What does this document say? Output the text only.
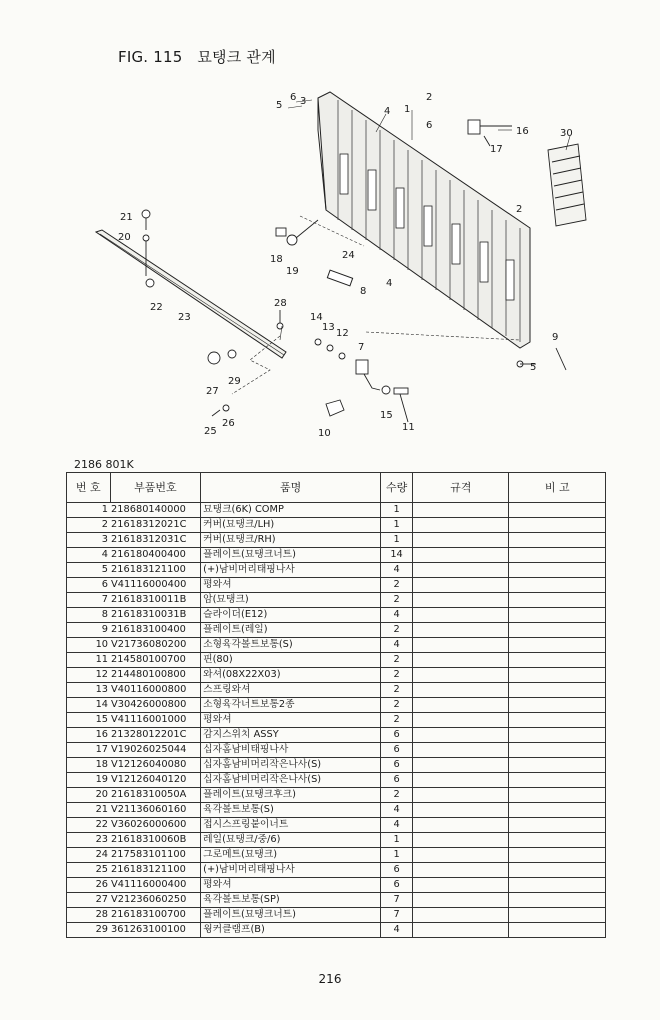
FIG. 115 묘탱크 관계
1
2
3
4
5
6
7
8
9
10
11
12
13
14
15
16
17
18
19
20
21
22
23
24
25
26
27
28
29
30
2
4
5
6
2186 801K
번 호	부품번호	품명	수량	규격	비 고
1	218680140000	묘탱크(6K) COMP	1		
2	21618312021C	커버(묘탱크/LH)	1		
3	21618312031C	커버(묘탱크/RH)	1		
4	216180400400	플레이트(묘탱크너트)	14		
5	216183121100	(+)남비머리태핑나사	4		
6	V41116000400	평와셔	2		
7	21618310011B	암(묘탱크)	2		
8	21618310031B	슬라이더(E12)	4		
9	216183100400	플레이트(레일)	2		
10	V21736080200	소형육각볼트보통(S)	4		
11	214580100700	핀(80)	2		
12	214480100800	와셔(08X22X03)	2		
13	V40116000800	스프링와셔	2		
14	V30426000800	소형육각너트보통2종	2		
15	V41116001000	평와셔	2		
16	21328012201C	감지스위치 ASSY	6		
17	V19026025044	십자홈남비태핑나사	6		
18	V12126040080	십자홈남비머리작은나사(S)	6		
19	V12126040120	십자홈남비머리작은나사(S)	6		
20	21618310050A	플레이트(묘탱크후크)	2		
21	V21136060160	육각볼트보통(S)	4		
22	V36026000600	접시스프링붙이너트	4		
23	21618310060B	레일(묘탱크/중/6)	1		
24	217583101100	그로메트(묘탱크)	1		
25	216183121100	(+)남비머리태핑나사	6		
26	V41116000400	평와셔	6		
27	V21236060250	육각볼트보통(SP)	7		
28	216183100700	플레이트(묘탱크너트)	7		
29	361263100100	윙커클램프(B)	4		
216
